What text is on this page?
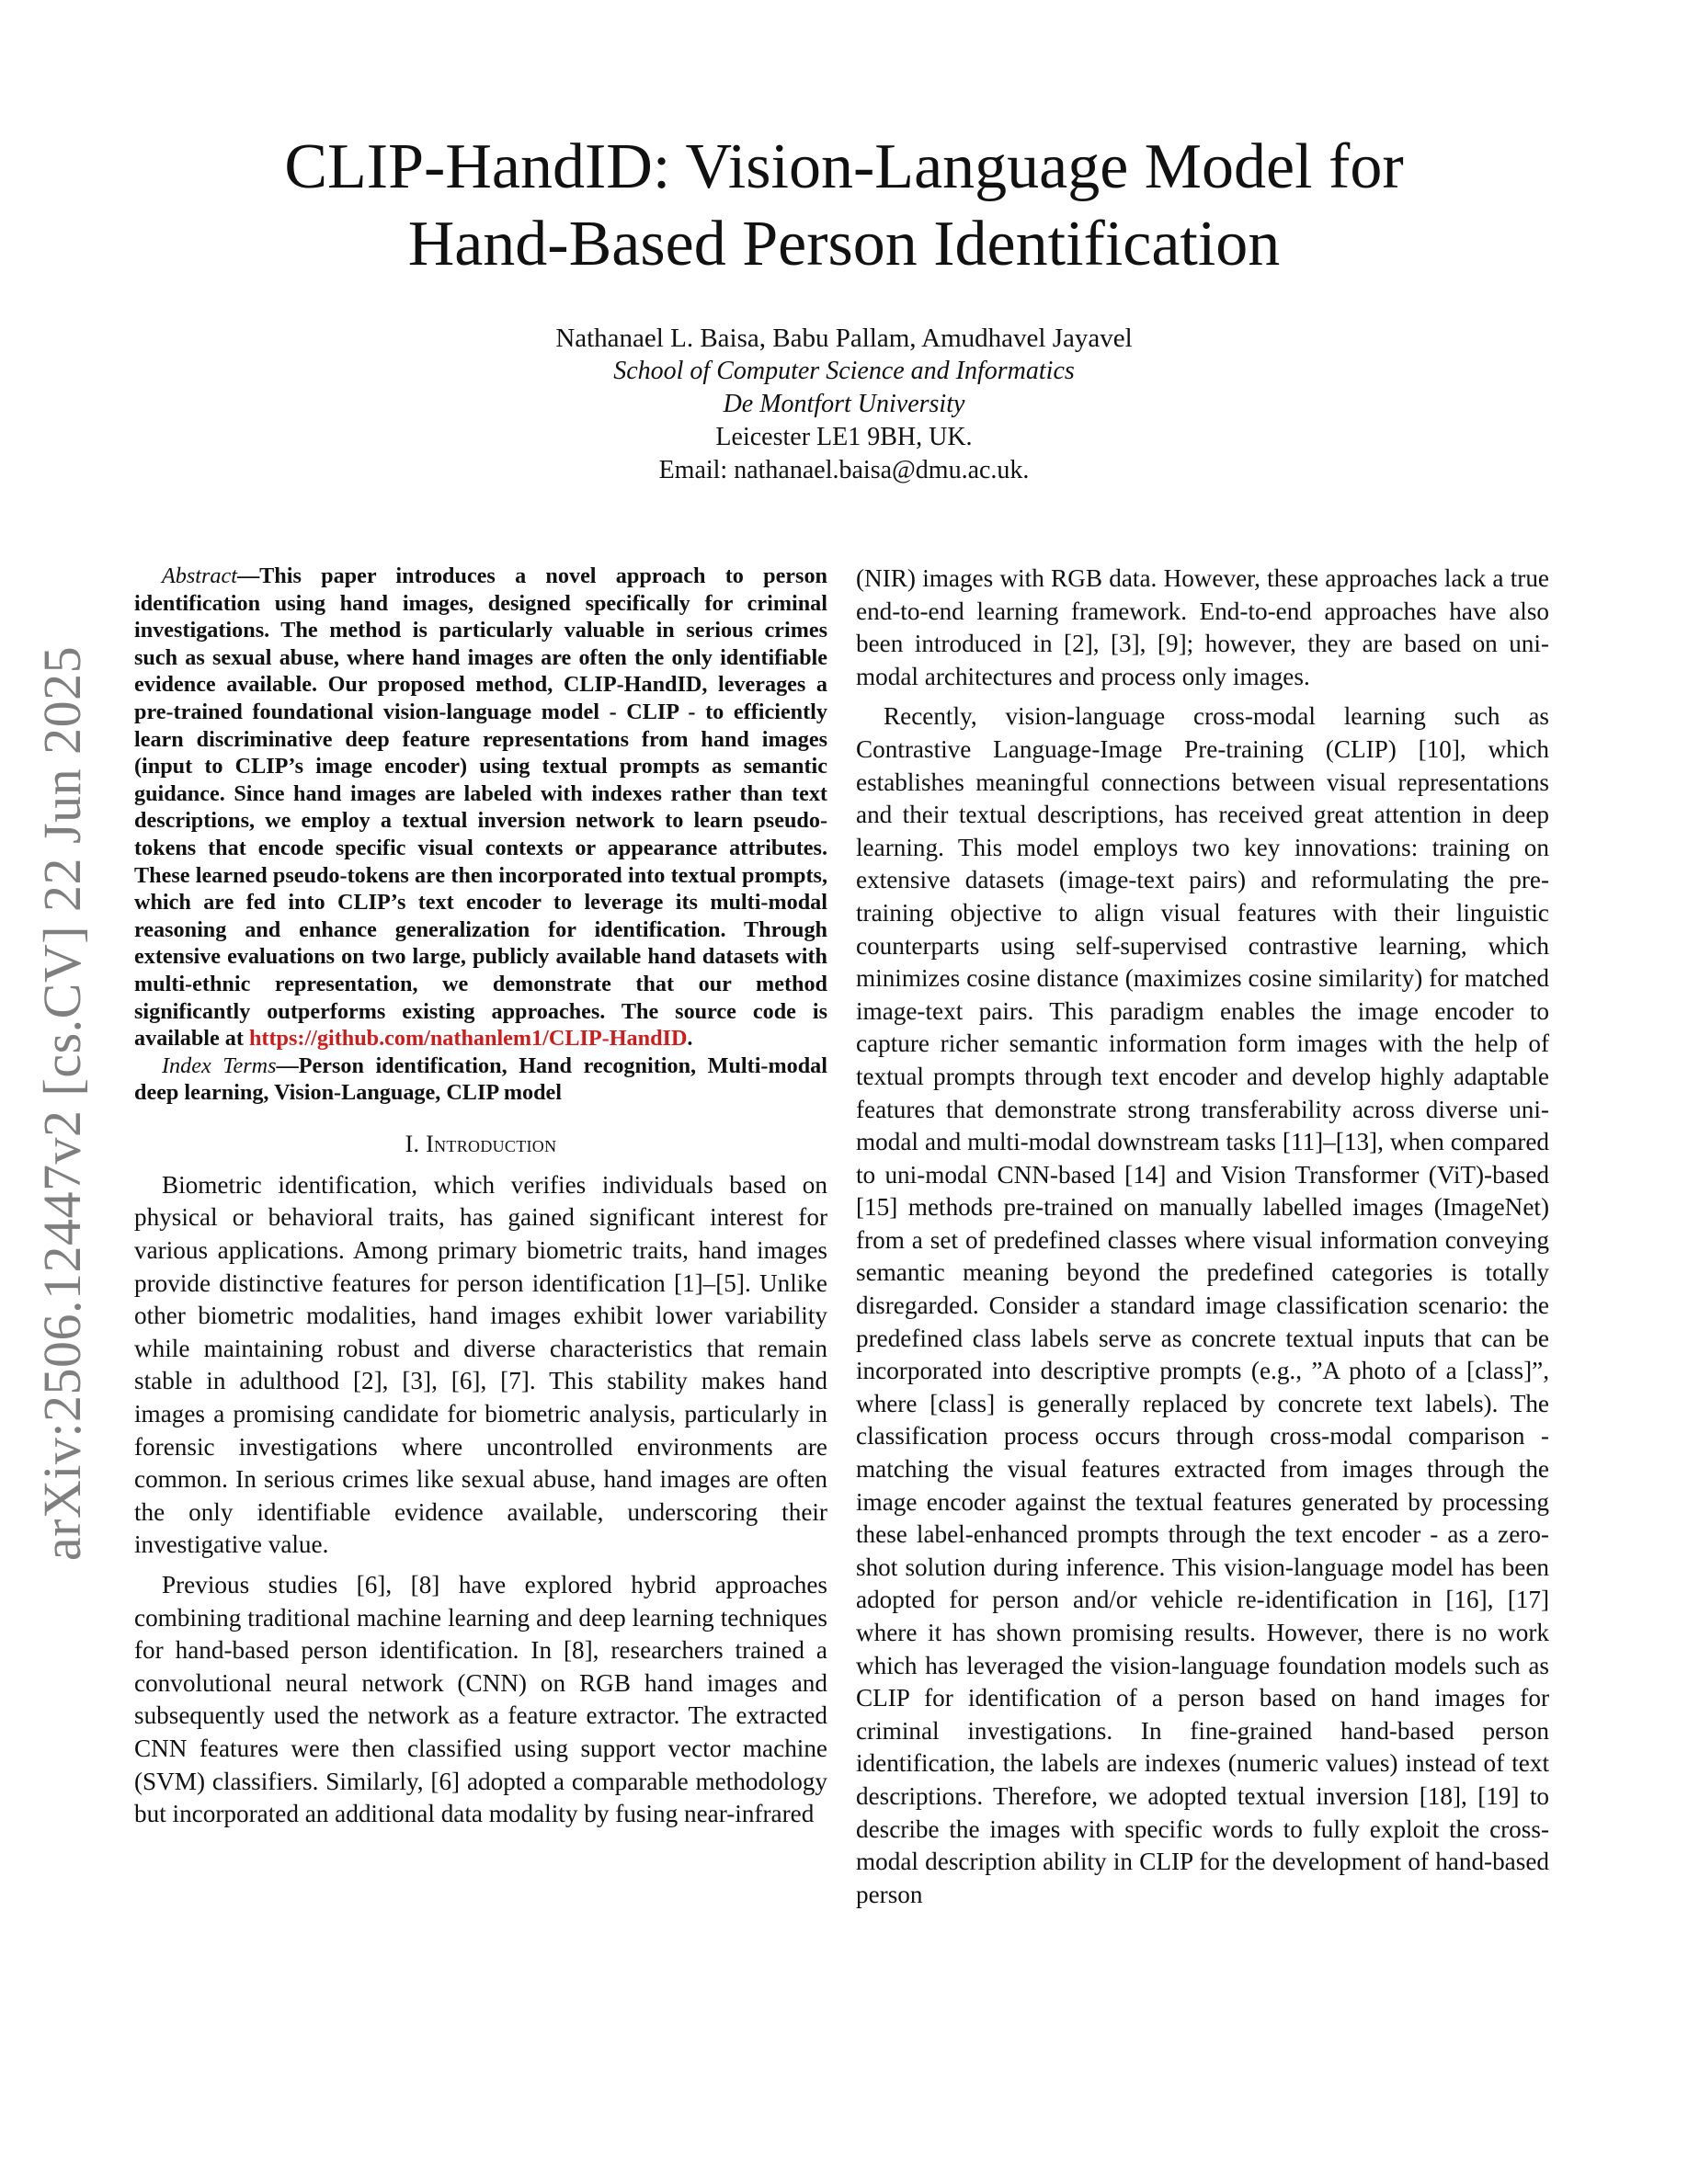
arXiv:2506.12447v2 [cs.CV] 22 Jun 2025
CLIP-HandID: Vision-Language Model for
Hand-Based Person Identification
Nathanael L. Baisa, Babu Pallam, Amudhavel Jayavel
School of Computer Science and Informatics
De Montfort University
Leicester LE1 9BH, UK.
Email: nathanael.baisa@dmu.ac.uk.

Abstract—This paper introduces a novel approach to person identification using hand images, designed specifically for criminal investigations. The method is particularly valuable in serious crimes such as sexual abuse, where hand images are often the only identifiable evidence available. Our proposed method, CLIP-HandID, leverages a pre-trained foundational vision-language model - CLIP - to efficiently learn discriminative deep feature representations from hand images (input to CLIP’s image encoder) using textual prompts as semantic guidance. Since hand images are labeled with indexes rather than text descriptions, we employ a textual inversion network to learn pseudo-tokens that encode specific visual contexts or appearance attributes. These learned pseudo-tokens are then incorporated into textual prompts, which are fed into CLIP’s text encoder to leverage its multi-modal reasoning and enhance generalization for identification. Through extensive evaluations on two large, publicly available hand datasets with multi-ethnic representation, we demonstrate that our method significantly outperforms existing approaches. The source code is available at https://github.com/nathanlem1/CLIP-HandID.

Index Terms—Person identification, Hand recognition, Multi-modal deep learning, Vision-Language, CLIP model

I. Introduction

Biometric identification, which verifies individuals based on physical or behavioral traits, has gained significant interest for various applications. Among primary biometric traits, hand images provide distinctive features for person identification [1]–[5]. Unlike other biometric modalities, hand images exhibit lower variability while maintaining robust and diverse characteristics that remain stable in adulthood [2], [3], [6], [7]. This stability makes hand images a promising candidate for biometric analysis, particularly in forensic investigations where uncontrolled environments are common. In serious crimes like sexual abuse, hand images are often the only identifiable evidence available, underscoring their investigative value.

Previous studies [6], [8] have explored hybrid approaches combining traditional machine learning and deep learning techniques for hand-based person identification. In [8], researchers trained a convolutional neural network (CNN) on RGB hand images and subsequently used the network as a feature extractor. The extracted CNN features were then classified using support vector machine (SVM) classifiers. Similarly, [6] adopted a comparable methodology but incorporated an additional data modality by fusing near-infrared

(NIR) images with RGB data. However, these approaches lack a true end-to-end learning framework. End-to-end approaches have also been introduced in [2], [3], [9]; however, they are based on uni-modal architectures and process only images.

Recently, vision-language cross-modal learning such as Contrastive Language-Image Pre-training (CLIP) [10], which establishes meaningful connections between visual representations and their textual descriptions, has received great attention in deep learning. This model employs two key innovations: training on extensive datasets (image-text pairs) and reformulating the pre-training objective to align visual features with their linguistic counterparts using self-supervised contrastive learning, which minimizes cosine distance (maximizes cosine similarity) for matched image-text pairs. This paradigm enables the image encoder to capture richer semantic information form images with the help of textual prompts through text encoder and develop highly adaptable features that demonstrate strong transferability across diverse uni-modal and multi-modal downstream tasks [11]–[13], when compared to uni-modal CNN-based [14] and Vision Transformer (ViT)-based [15] methods pre-trained on manually labelled images (ImageNet) from a set of predefined classes where visual information conveying semantic meaning beyond the predefined categories is totally disregarded. Consider a standard image classification scenario: the predefined class labels serve as concrete textual inputs that can be incorporated into descriptive prompts (e.g., ”A photo of a [class]”, where [class] is generally replaced by concrete text labels). The classification process occurs through cross-modal comparison - matching the visual features extracted from images through the image encoder against the textual features generated by processing these label-enhanced prompts through the text encoder - as a zero-shot solution during inference. This vision-language model has been adopted for person and/or vehicle re-identification in [16], [17] where it has shown promising results. However, there is no work which has leveraged the vision-language foundation models such as CLIP for identification of a person based on hand images for criminal investigations. In fine-grained hand-based person identification, the labels are indexes (numeric values) instead of text descriptions. Therefore, we adopted textual inversion [18], [19] to describe the images with specific words to fully exploit the cross-modal description ability in CLIP for the development of hand-based person
